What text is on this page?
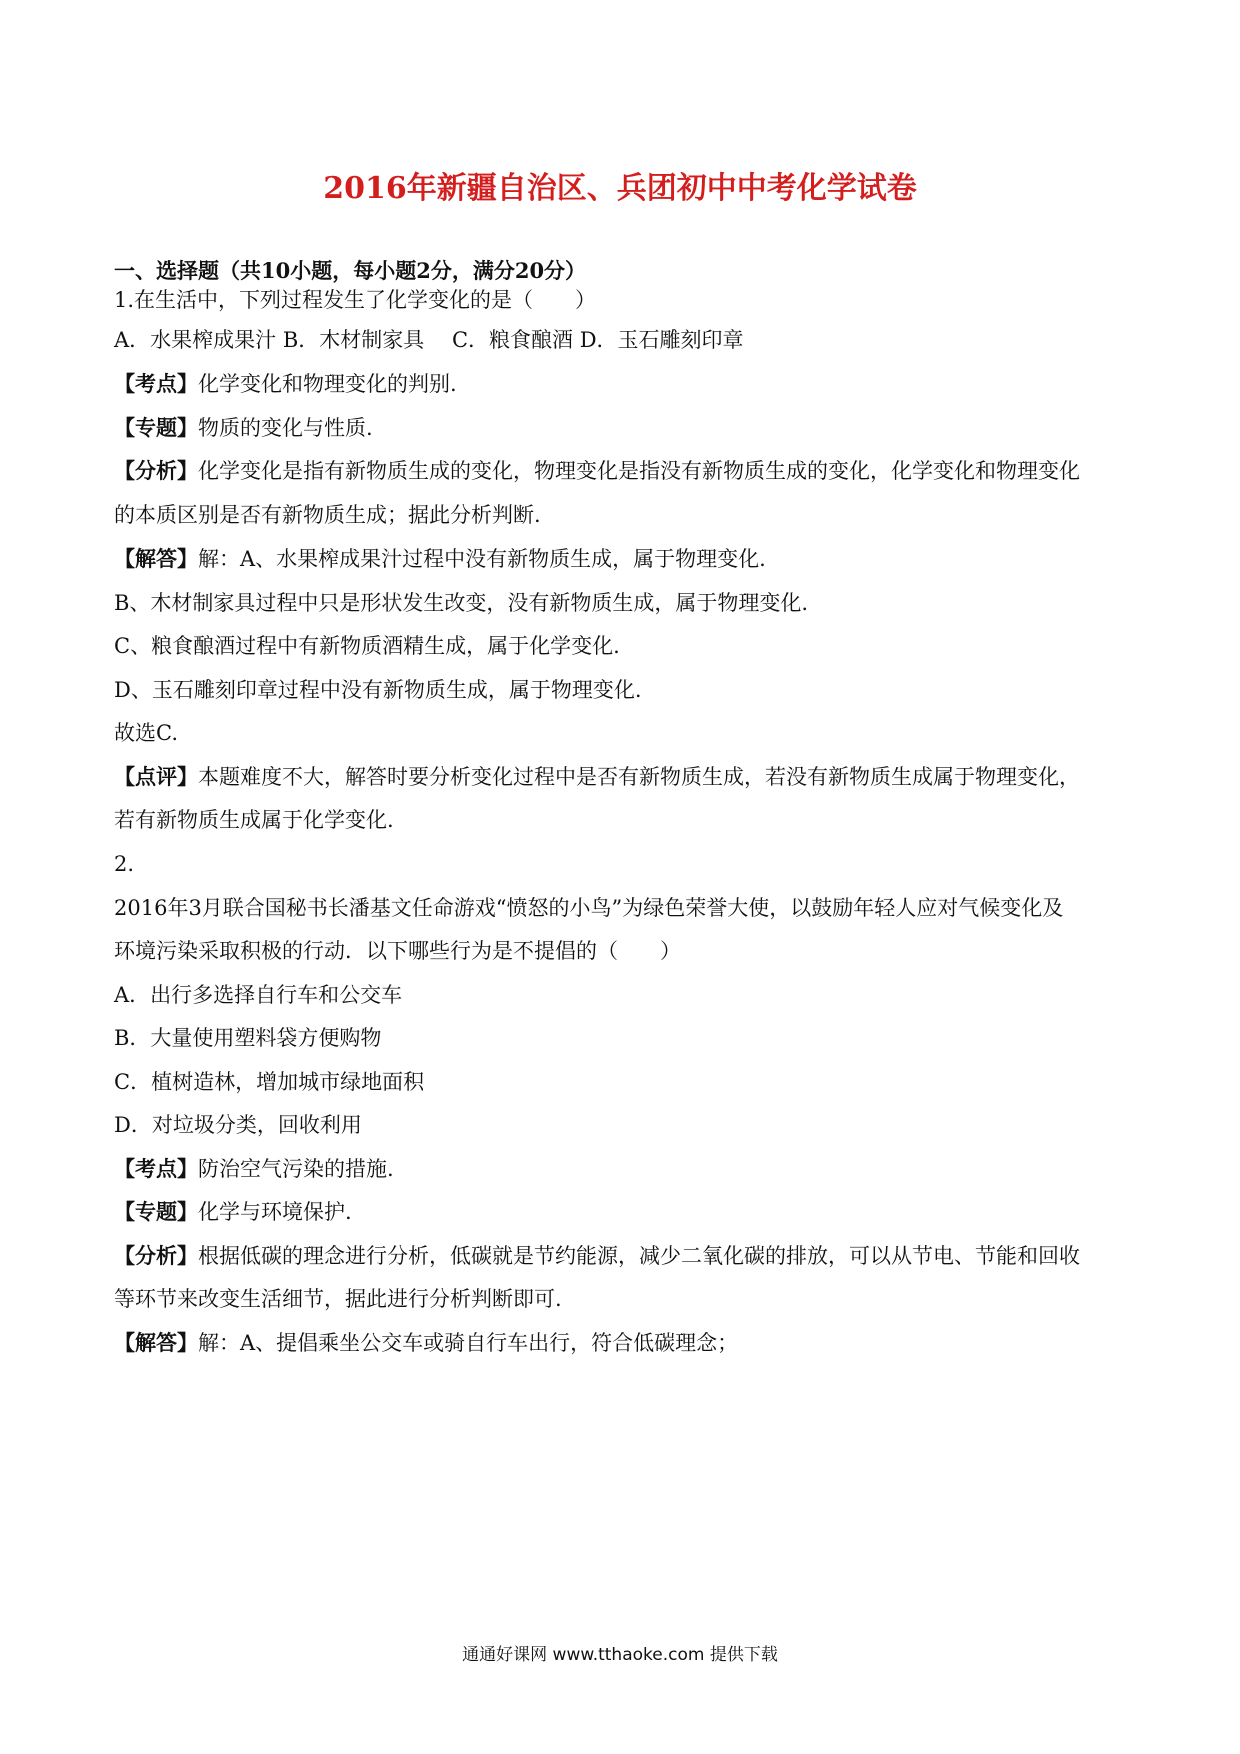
2016年新疆自治区、兵团初中中考化学试卷
一、选择题（共10小题，每小题2分，满分20分）
1.在生活中，下列过程发生了化学变化的是（　　）
A．水果榨成果汁 B．木材制家具　 C．粮食酿酒 D．玉石雕刻印章
【考点】化学变化和物理变化的判别.
【专题】物质的变化与性质.
【分析】化学变化是指有新物质生成的变化，物理变化是指没有新物质生成的变化，化学变化和物理变化
的本质区别是否有新物质生成；据此分析判断.
【解答】解：A、水果榨成果汁过程中没有新物质生成，属于物理变化.
B、木材制家具过程中只是形状发生改变，没有新物质生成，属于物理变化.
C、粮食酿酒过程中有新物质酒精生成，属于化学变化.
D、玉石雕刻印章过程中没有新物质生成，属于物理变化.
故选C.
【点评】本题难度不大，解答时要分析变化过程中是否有新物质生成，若没有新物质生成属于物理变化，
若有新物质生成属于化学变化.
2.
2016年3月联合国秘书长潘基文任命游戏“愤怒的小鸟”为绿色荣誉大使，以鼓励年轻人应对气候变化及
环境污染采取积极的行动．以下哪些行为是不提倡的（　　）
A．出行多选择自行车和公交车
B．大量使用塑料袋方便购物
C．植树造林，增加城市绿地面积
D．对垃圾分类，回收利用
【考点】防治空气污染的措施.
【专题】化学与环境保护.
【分析】根据低碳的理念进行分析，低碳就是节约能源，减少二氧化碳的排放，可以从节电、节能和回收
等环节来改变生活细节，据此进行分析判断即可.
【解答】解：A、提倡乘坐公交车或骑自行车出行，符合低碳理念；
通通好课网 www.tthaoke.com 提供下载
